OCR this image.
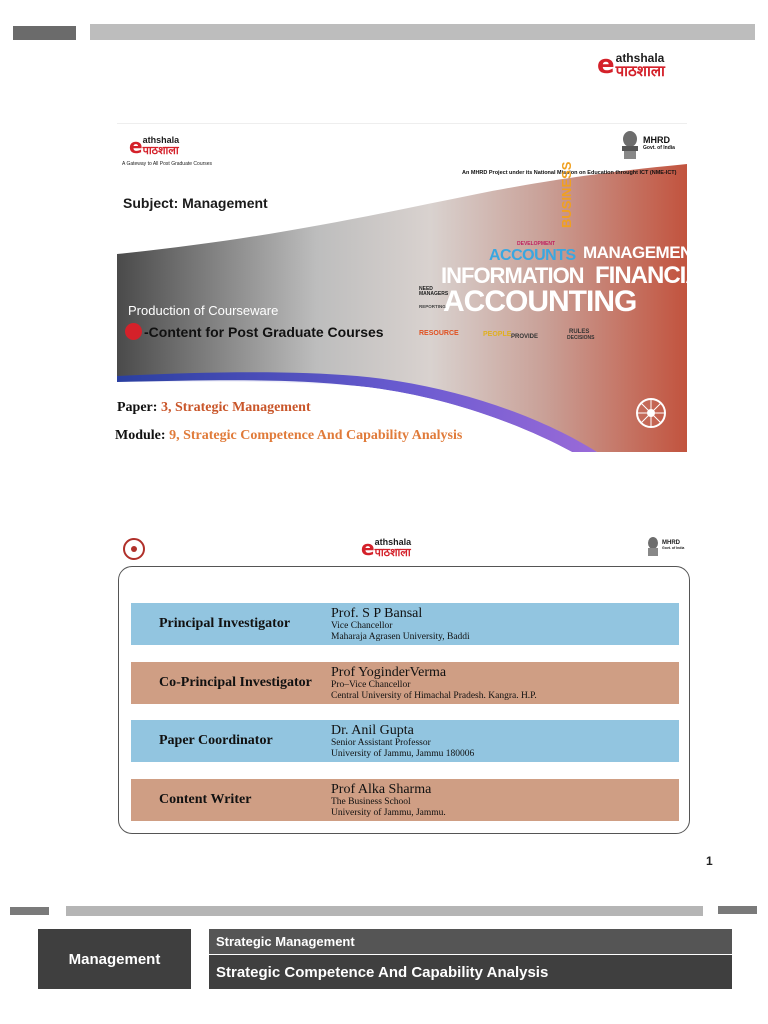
e athshala
पाठशाला
e athshala
पाठशाला
A Gateway to All Post Graduate Courses
MHRD
Govt. of India
An MHRD Project under its National Mission on Education throught ICT (NME-ICT)
Subject: Management
Production of Courseware
-Content for Post Graduate Courses
ACCOUNTING
INFORMATION
MANAGEMENT
FINANCIAL
ACCOUNTS
BUSINESS
RESOURCE	PEOPLE PROVIDE
RULES
DECISIONS
NEED MANAGERS
DEVELOPMENT
REPORTING
Paper: 3, Strategic Management
Module: 9, Strategic Competence And Capability Analysis
e athshala
पाठशाला
MHRD
Govt. of India
Principal Investigator
Prof. S P Bansal
Vice Chancellor
Maharaja Agrasen University, Baddi
Co-Principal Investigator
Prof YoginderVerma
Pro–Vice Chancellor
Central University of Himachal Pradesh. Kangra. H.P.
Paper Coordinator
Dr. Anil Gupta
Senior Assistant Professor
University of Jammu, Jammu 180006
Content Writer
Prof Alka Sharma
The Business School
University of Jammu, Jammu.
1
Management
Strategic Management
Strategic Competence And Capability Analysis
